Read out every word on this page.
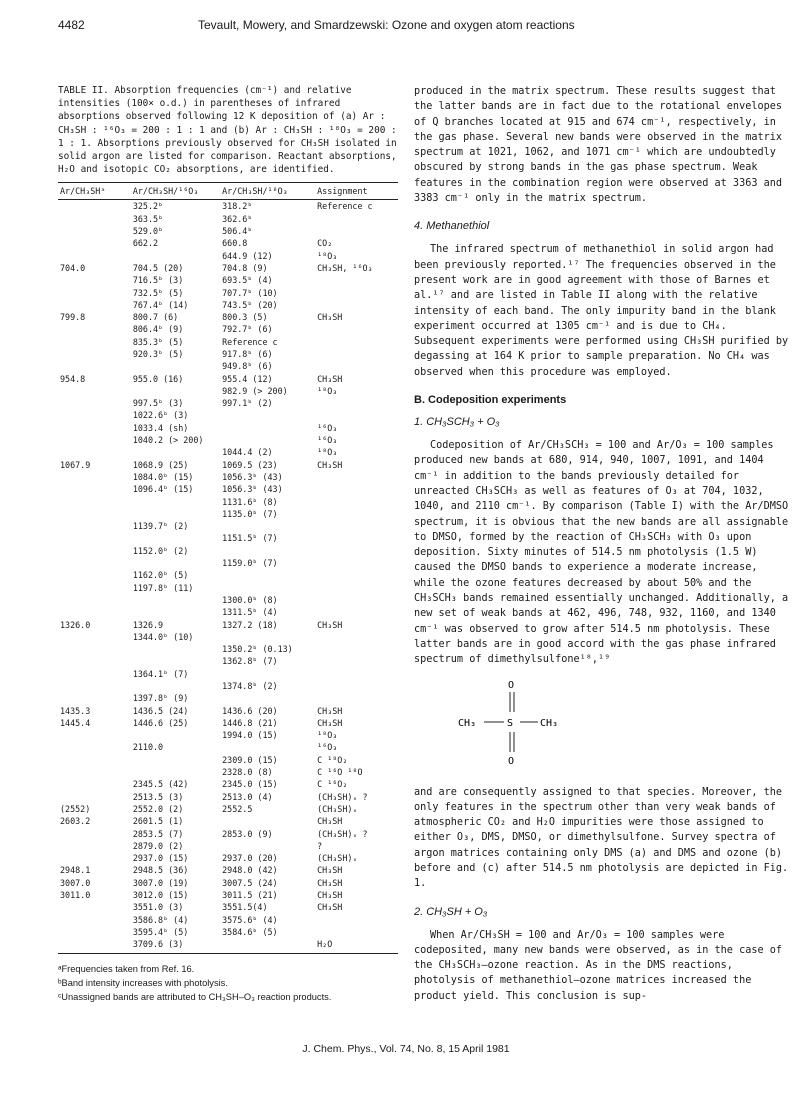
4482	Tevault, Mowery, and Smardzewski: Ozone and oxygen atom reactions

TABLE II. Absorption frequencies (cm⁻¹) and relative intensities (100× o.d.) in parentheses of infrared absorptions observed following 12 K deposition of (a) Ar : CH₃SH : ¹⁶O₃ = 200 : 1 : 1 and (b) Ar : CH₃SH : ¹⁸O₃ = 200 : 1 : 1. Absorptions previously observed for CH₃SH isolated in solid argon are listed for comparison. Reactant absorptions, H₂O and isotopic CO₂ absorptions, are identified.

Ar/CH₃SHᵃ	Ar/CH₃SH/¹⁶O₃	Ar/CH₃SH/¹⁸O₃	Assignment
	325.2ᵇ	318.2ᵇ	Reference c
	363.5ᵇ	362.6ᵇ	
	529.0ᵇ	506.4ᵇ	
	662.2	660.8	CO₂
		644.9 (12)	¹⁸O₃
704.0	704.5 (20)	704.8 (9)	CH₃SH, ¹⁶O₃
	716.5ᵇ (3)	693.5ᵇ (4)	
	732.5ᵇ (5)	707.7ᵇ (10)	
	767.4ᵇ (14)	743.5ᵇ (20)	
799.8	800.7 (6)	800.3 (5)	CH₃SH
	806.4ᵇ (9)	792.7ᵇ (6)	
	835.3ᵇ (5)	Reference c	
	920.3ᵇ (5)	917.8ᵇ (6)	
		949.8ᵇ (6)	
954.8	955.0 (16)	955.4 (12)	CH₃SH
		982.9 (> 200)	¹⁸O₃
	997.5ᵇ (3)	997.1ᵇ (2)	
	1022.6ᵇ (3)		
	1033.4 (sh)		¹⁶O₃
	1040.2 (> 200)		¹⁶O₃
		1044.4 (2)	¹⁸O₃
1067.9	1068.9 (25)	1069.5 (23)	CH₃SH
	1084.0ᵇ (15)	1056.3ᵇ (43)	
	1096.4ᵇ (15)	1056.3ᵇ (43)	
		1131.6ᵇ (8)	
		1135.0ᵇ (7)	
	1139.7ᵇ (2)		
		1151.5ᵇ (7)	
	1152.0ᵇ (2)		
		1159.0ᵇ (7)	
	1162.0ᵇ (5)		
	1197.8ᵇ (11)		
		1300.0ᵇ (8)	
		1311.5ᵇ (4)	
1326.0	1326.9	1327.2 (18)	CH₃SH
	1344.0ᵇ (10)		
		1350.2ᵇ (0.13)	
		1362.8ᵇ (7)	
	1364.1ᵇ (7)		
		1374.8ᵇ (2)	
	1397.8ᵇ (9)		
1435.3	1436.5 (24)	1436.6 (20)	CH₃SH
1445.4	1446.6 (25)	1446.8 (21)	CH₃SH
		1994.0 (15)	¹⁸O₃
	2110.0		¹⁶O₃
		2309.0 (15)	C ¹⁸O₂
		2328.0 (8)	C ¹⁶O ¹⁸O
	2345.5 (42)	2345.0 (15)	C ¹⁶O₂
	2513.5 (3)	2513.0 (4)	(CH₃SH)ₓ ?
(2552)	2552.0 (2)	2552.5	(CH₃SH)ₓ
2603.2	2601.5 (1)		CH₃SH
	2853.5 (7)	2853.0 (9)	(CH₃SH)ₓ ?
	2879.0 (2)		?
	2937.0 (15)	2937.0 (20)	(CH₃SH)ₓ
2948.1	2948.5 (36)	2948.0 (42)	CH₃SH
3007.0	3007.0 (19)	3007.5 (24)	CH₃SH
3011.0	3012.0 (15)	3011.5 (21)	CH₃SH
	3551.0 (3)	3551.5(4)	CH₃SH
	3586.8ᵇ (4)	3575.6ᵇ (4)	
	3595.4ᵇ (5)	3584.6ᵇ (5)	
	3709.6 (3)		H₂O
ᵃFrequencies taken from Ref. 16.
ᵇBand intensity increases with photolysis.
ᶜUnassigned bands are attributed to CH₃SH–O₃ reaction products.

produced in the matrix spectrum. These results suggest that the latter bands are in fact due to the rotational envelopes of Q branches located at 915 and 674 cm⁻¹, respectively, in the gas phase. Several new bands were observed in the matrix spectrum at 1021, 1062, and 1071 cm⁻¹ which are undoubtedly obscured by strong bands in the gas phase spectrum. Weak features in the combination region were observed at 3363 and 3383 cm⁻¹ only in the matrix spectrum.

4. Methanethiol

The infrared spectrum of methanethiol in solid argon had been previously reported.¹⁷ The frequencies observed in the present work are in good agreement with those of Barnes et al.¹⁷ and are listed in Table II along with the relative intensity of each band. The only impurity band in the blank experiment occurred at 1305 cm⁻¹ and is due to CH₄. Subsequent experiments were performed using CH₃SH purified by degassing at 164 K prior to sample preparation. No CH₄ was observed when this procedure was employed.

B. Codeposition experiments
1. CH₃SCH₃ + O₃

Codeposition of Ar/CH₃SCH₃ = 100 and Ar/O₃ = 100 samples produced new bands at 680, 914, 940, 1007, 1091, and 1404 cm⁻¹ in addition to the bands previously detailed for unreacted CH₃SCH₃ as well as features of O₃ at 704, 1032, 1040, and 2110 cm⁻¹. By comparison (Table I) with the Ar/DMSO spectrum, it is obvious that the new bands are all assignable to DMSO, formed by the reaction of CH₃SCH₃ with O₃ upon deposition. Sixty minutes of 514.5 nm photolysis (1.5 W) caused the DMSO bands to experience a moderate increase, while the ozone features decreased by about 50% and the CH₃SCH₃ bands remained essentially unchanged. Additionally, a new set of weak bands at 462, 496, 748, 932, 1160, and 1340 cm⁻¹ was observed to grow after 514.5 nm photolysis. These latter bands are in good accord with the gas phase infrared spectrum of dimethylsulfone¹⁸,¹⁹

O
CH₃	S	CH₃
O

and are consequently assigned to that species. Moreover, the only features in the spectrum other than very weak bands of atmospheric CO₂ and H₂O impurities were those assigned to either O₃, DMS, DMSO, or dimethylsulfone. Survey spectra of argon matrices containing only DMS (a) and DMS and ozone (b) before and (c) after 514.5 nm photolysis are depicted in Fig. 1.

2. CH₃SH + O₃

When Ar/CH₃SH = 100 and Ar/O₃ = 100 samples were codeposited, many new bands were observed, as in the case of the CH₃SCH₃–ozone reaction. As in the DMS reactions, photolysis of methanethiol–ozone matrices increased the product yield. This conclusion is sup-

J. Chem. Phys., Vol. 74, No. 8, 15 April 1981
